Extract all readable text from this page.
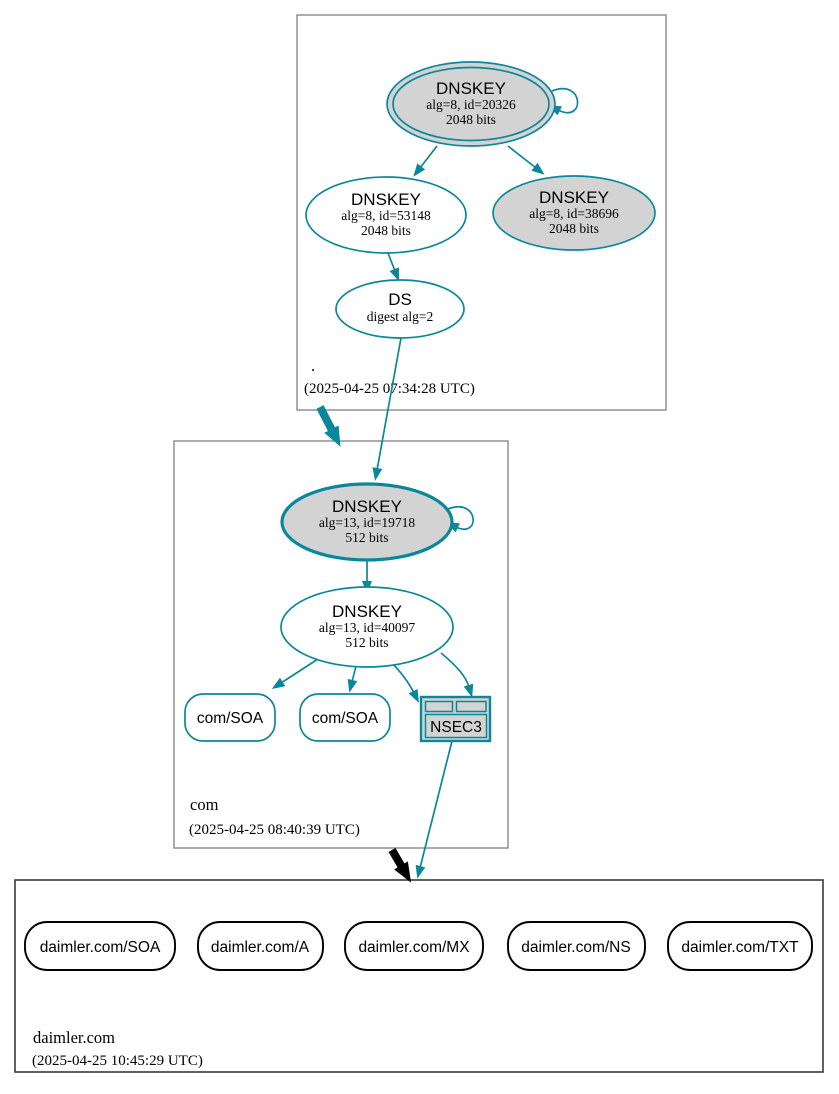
.
(2025-04-25 07:34:28 UTC)
com
(2025-04-25 08:40:39 UTC)
daimler.com
(2025-04-25 10:45:29 UTC)
DNSKEY
alg=8, id=20326
2048 bits
DNSKEY
alg=8, id=53148
2048 bits
DNSKEY
alg=8, id=38696
2048 bits
DS
digest alg=2
DNSKEY
alg=13, id=19718
512 bits
DNSKEY
alg=13, id=40097
512 bits
com/SOA	com/SOA
NSEC3
daimler.com/SOA	daimler.com/A	daimler.com/MX	daimler.com/NS	daimler.com/TXT
